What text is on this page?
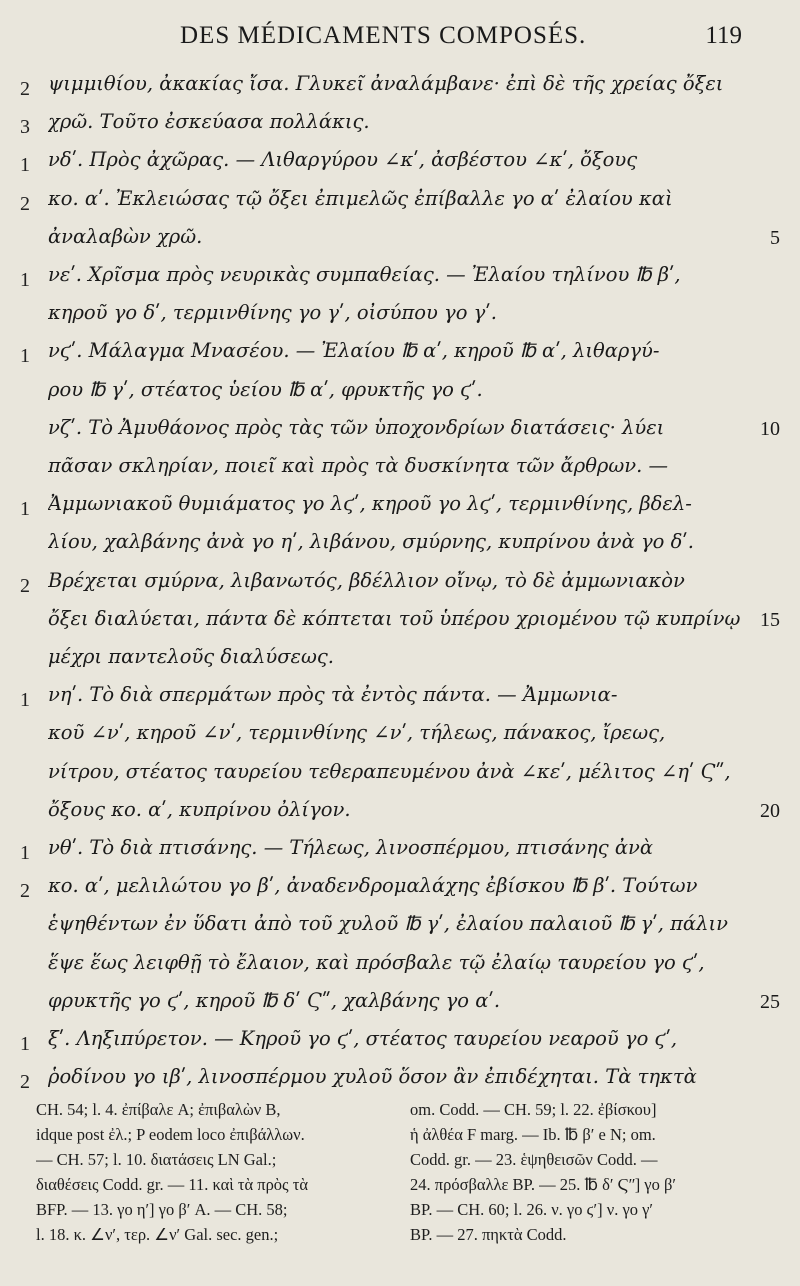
DES MÉDICAMENTS COMPOSÉS.	119
2 ψιμμιθίου, ἀκακίας ἴσα. Γλυκεῖ ἀναλάμβανε· ἐπὶ δὲ τῆς χρείας ὄξει
3 χρῶ. Τοῦτο ἐσκεύασα πολλάκις.
1 νδʹ. Πρὸς ἀχῶρας. — Λιθαργύρου ∠κʹ, ἀσβέστου ∠κʹ, ὄξους
2 κο. αʹ. Ἐκλειώσας τῷ ὄξει ἐπιμελῶς ἐπίβαλλε γο αʹ ἐλαίου καὶ
ἀναλαβὼν χρῶ.	5
1 νεʹ. Χρῖσμα πρὸς νευρικὰς συμπαθείας. — Ἐλαίου τηλίνου ℔ βʹ,
κηροῦ γο δʹ, τερμινθίνης γο γʹ, οἰσύπου γο γʹ.
1 νϛʹ. Μάλαγμα Μνασέου. — Ἐλαίου ℔ αʹ, κηροῦ ℔ αʹ, λιθαργύ-
ρου ℔ γʹ, στέατος ὑείου ℔ αʹ, φρυκτῆς γο ϛʹ.
νζʹ. Τὸ Ἀμυθάονος πρὸς τὰς τῶν ὑποχονδρίων διατάσεις· λύει	10
πᾶσαν σκληρίαν, ποιεῖ καὶ πρὸς τὰ δυσκίνητα τῶν ἄρθρων. —
1 Ἀμμωνιακοῦ θυμιάματος γο λϛʹ, κηροῦ γο λϛʹ, τερμινθίνης, βδελ-
λίου, χαλβάνης ἀνὰ γο ηʹ, λιβάνου, σμύρνης, κυπρίνου ἀνὰ γο δʹ.
2 Βρέχεται σμύρνα, λιβανωτός, βδέλλιον οἴνῳ, τὸ δὲ ἀμμωνιακὸν
ὄξει διαλύεται, πάντα δὲ κόπτεται τοῦ ὑπέρου χριομένου τῷ κυπρίνῳ 15
μέχρι παντελοῦς διαλύσεως.
1 νηʹ. Τὸ διὰ σπερμάτων πρὸς τὰ ἐντὸς πάντα. — Ἀμμωνια-
κοῦ ∠νʹ, κηροῦ ∠νʹ, τερμινθίνης ∠νʹ, τήλεως, πάνακος, ἴρεως,
νίτρου, στέατος ταυρείου τεθεραπευμένου ἀνὰ ∠κεʹ, μέλιτος ∠ηʹ Ϛʺ,
ὄξους κο. αʹ, κυπρίνου ὀλίγον.	20
1 νθʹ. Τὸ διὰ πτισάνης. — Τήλεως, λινοσπέρμου, πτισάνης ἀνὰ
2 κο. αʹ, μελιλώτου γο βʹ, ἀναδενδρομαλάχης ἐβίσκου ℔ βʹ. Τούτων
ἑψηθέντων ἐν ὕδατι ἀπὸ τοῦ χυλοῦ ℔ γʹ, ἐλαίου παλαιοῦ ℔ γʹ, πάλιν
ἕψε ἕως λειφθῇ τὸ ἔλαιον, καὶ πρόσβαλε τῷ ἐλαίῳ ταυρείου γο ϛʹ,
φρυκτῆς γο ϛʹ, κηροῦ ℔ δʹ Ϛʺ, χαλβάνης γο αʹ.	25
1 ξʹ. Ληξιπύρετον. — Κηροῦ γο ϛʹ, στέατος ταυρείου νεαροῦ γο ϛʹ,
2 ῥοδίνου γο ιβʹ, λινοσπέρμου χυλοῦ ὅσον ἂν ἐπιδέχηται. Τὰ τηκτὰ
CH. 54; l. 4. ἐπίβαλε A; ἐπιβαλὼν B,
idque post ἐλ.; P eodem loco ἐπιβάλλων.
— CH. 57; l. 10. διατάσεις LN Gal.;
διαθέσεις Codd. gr. — 11. καὶ τὰ πρὸς τὰ
BFP. — 13. γο ηʹ] γο βʹ A. — CH. 58;
l. 18. κ. ∠νʹ, τερ. ∠νʹ Gal. sec. gen.;
om. Codd. — CH. 59; l. 22. ἐβίσκου]
ἡ ἀλθέα F marg. — Ib. ℔ βʹ e N; om.
Codd. gr. — 23. ἑψηθεισῶν Codd. —
24. πρόσβαλλε BP. — 25. ℔ δʹ Ϛʺ] γο βʹ
BP. — CH. 60; l. 26. ν. γο ϛʹ] ν. γο γʹ
BP. — 27. πηκτὰ Codd.
